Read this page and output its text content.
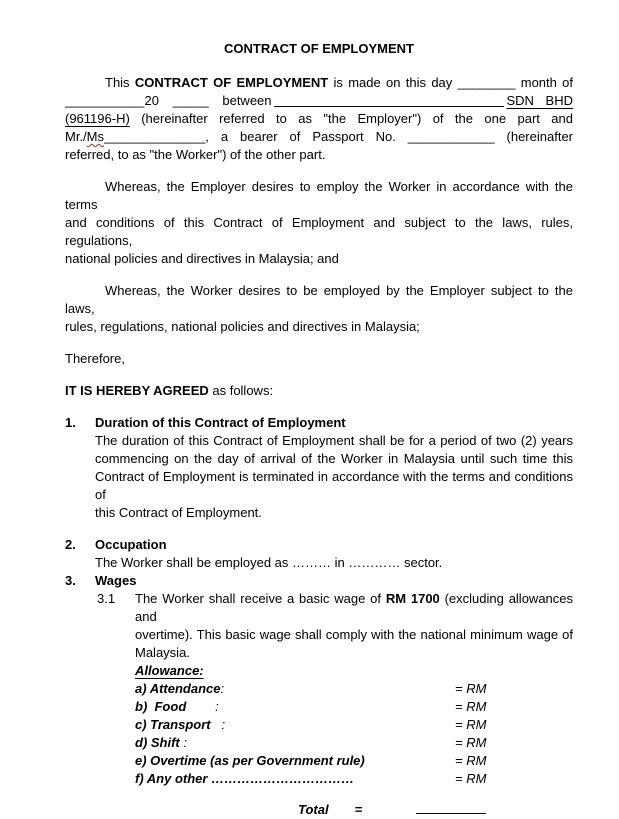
CONTRACT OF EMPLOYMENT
This CONTRACT OF EMPLOYMENT is made on this day ________ month of
___________20 _____ between	SDN BHD
(961196-H) (hereinafter referred to as "the Employer") of the one part and
Mr./Ms______________, a bearer of Passport No. ____________ (hereinafter
referred, to as "the Worker") of the other part.
Whereas, the Employer desires to employ the Worker in accordance with the terms
and conditions of this Contract of Employment and subject to the laws, rules, regulations,
national policies and directives in Malaysia; and
Whereas, the Worker desires to be employed by the Employer subject to the laws,
rules, regulations, national policies and directives in Malaysia;
Therefore,
IT IS HEREBY AGREED as follows:
1.	Duration of this Contract of Employment
The duration of this Contract of Employment shall be for a period of two (2) years
commencing on the day of arrival of the Worker in Malaysia until such time this
Contract of Employment is terminated in accordance with the terms and conditions of
this Contract of Employment.
2.	Occupation
The Worker shall be employed as ……… in ………… sector.
3.	Wages
3.1	The Worker shall receive a basic wage of RM 1700 (excluding allowances and
overtime). This basic wage shall comply with the national minimum wage of
Malaysia.
Allowance:
a) Attendance:	= RM
b)  Food        :	= RM
c) Transport   :	= RM
d) Shift :	= RM
e) Overtime (as per Government rule)	= RM
f) Any other ……………………………	= RM
Total =
